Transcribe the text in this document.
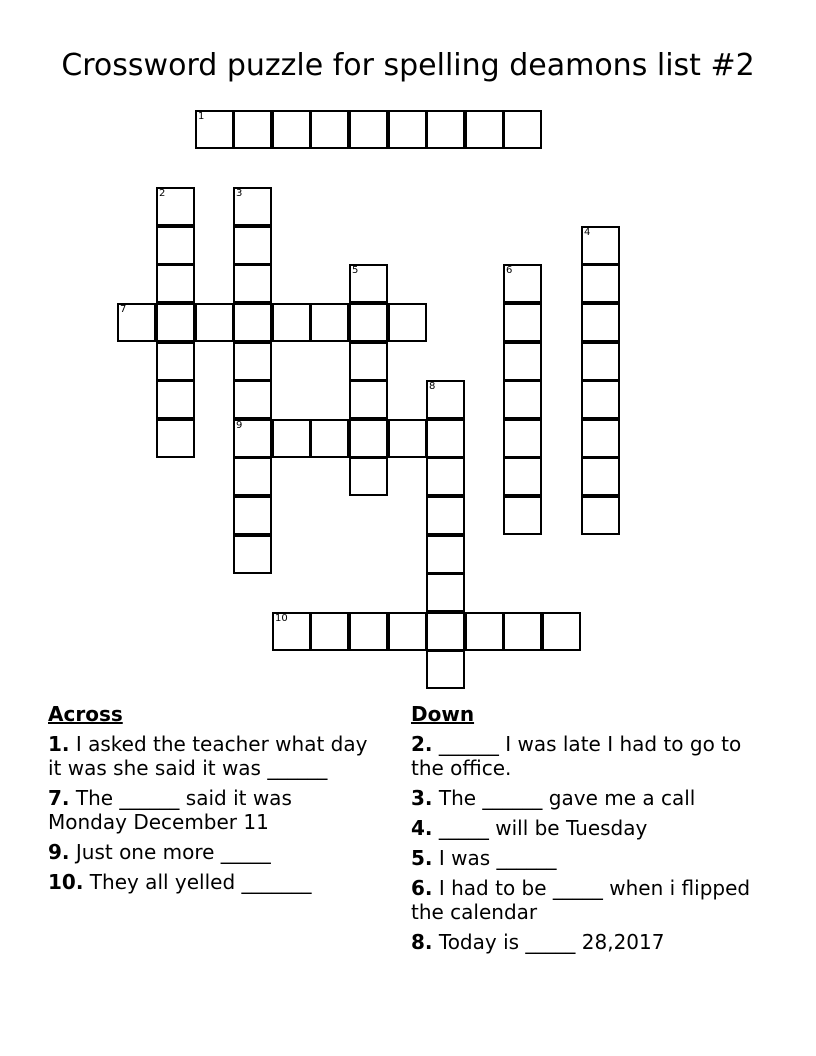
Crossword puzzle for spelling deamons list #2
1
2	3
9
4
5	6
7
8
10
Across
1. I asked the teacher what day it was she said it was ______
7. The ______ said it was Monday December 11
9. Just one more _____
10. They all yelled _______
Down
2. ______ I was late I had to go to the office.
3. The ______ gave me a call
4. _____ will be Tuesday
5. I was ______
6. I had to be _____ when i flipped the calendar
8. Today is _____ 28,2017
